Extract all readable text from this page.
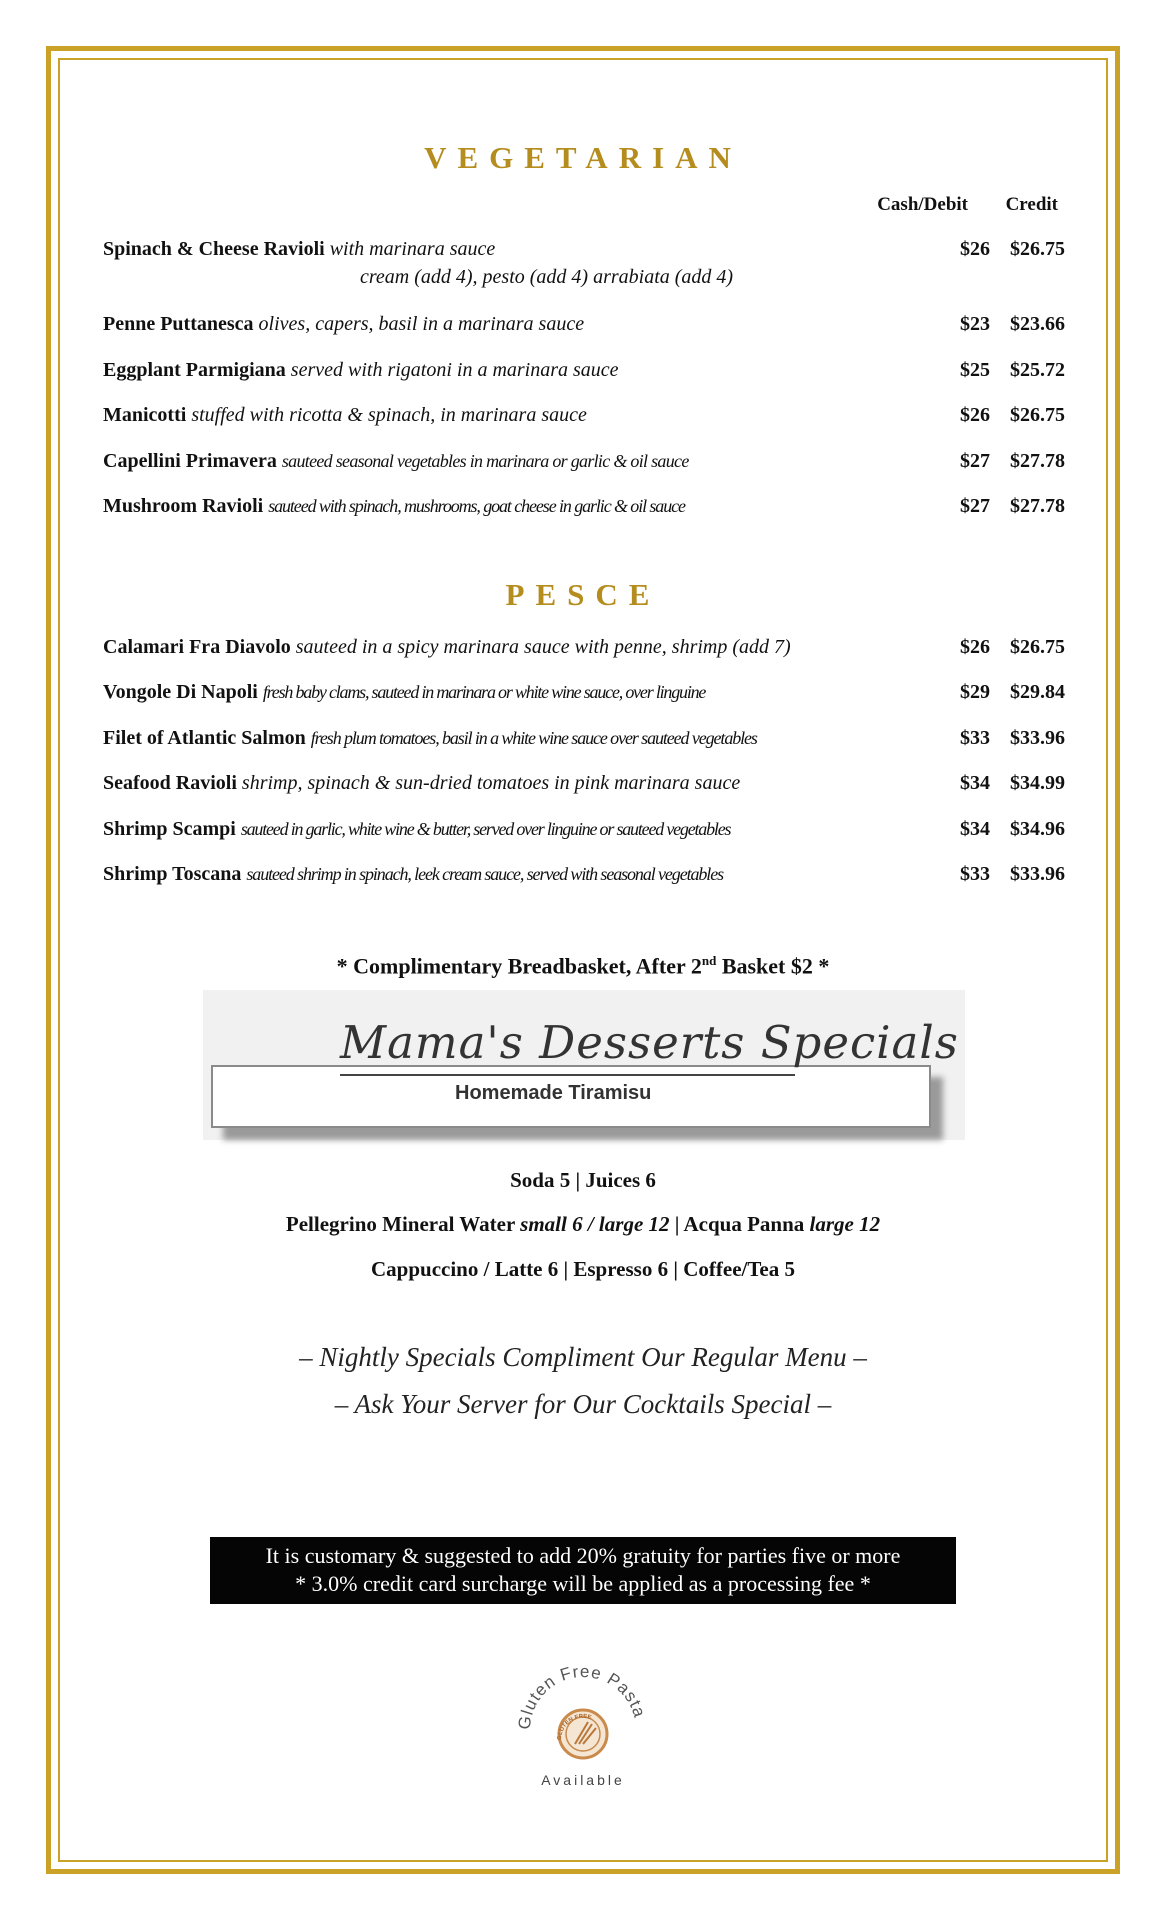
VEGETARIAN
Cash/Debit	Credit
Spinach & Cheese Ravioli with marinara sauce	$26 $26.75
cream (add 4), pesto (add 4) arrabiata (add 4)
Penne Puttanesca olives, capers, basil in a marinara sauce	$23 $23.66
Eggplant Parmigiana served with rigatoni in a marinara sauce	$25 $25.72
Manicotti stuffed with ricotta & spinach, in marinara sauce	$26 $26.75
Capellini Primavera sauteed seasonal vegetables in marinara or garlic & oil sauce	$27 $27.78
Mushroom Ravioli sauteed with spinach, mushrooms, goat cheese in garlic & oil sauce	$27 $27.78
PESCE
Calamari Fra Diavolo sauteed in a spicy marinara sauce with penne, shrimp (add 7)	$26 $26.75
Vongole Di Napoli fresh baby clams, sauteed in marinara or white wine sauce, over linguine	$29 $29.84
Filet of Atlantic Salmon fresh plum tomatoes, basil in a white wine sauce over sauteed vegetables	$33 $33.96
Seafood Ravioli shrimp, spinach & sun-dried tomatoes in pink marinara sauce	$34 $34.99
Shrimp Scampi sauteed in garlic, white wine & butter, served over linguine or sauteed vegetables	$34 $34.96
Shrimp Toscana sauteed shrimp in spinach, leek cream sauce, served with seasonal vegetables	$33 $33.96
* Complimentary Breadbasket, After 2nd Basket $2 *
Mama's Desserts Specials
Homemade Tiramisu
Soda 5 | Juices 6
Pellegrino Mineral Water small 6 / large 12 | Acqua Panna large 12
Cappuccino / Latte 6 | Espresso 6 | Coffee/Tea 5
– Nightly Specials Compliment Our Regular Menu –
– Ask Your Server for Our Cocktails Special –
It is customary & suggested to add 20% gratuity for parties five or more
* 3.0% credit card surcharge will be applied as a processing fee *
Gluten Free Pasta
GLUTEN FREE
Available
